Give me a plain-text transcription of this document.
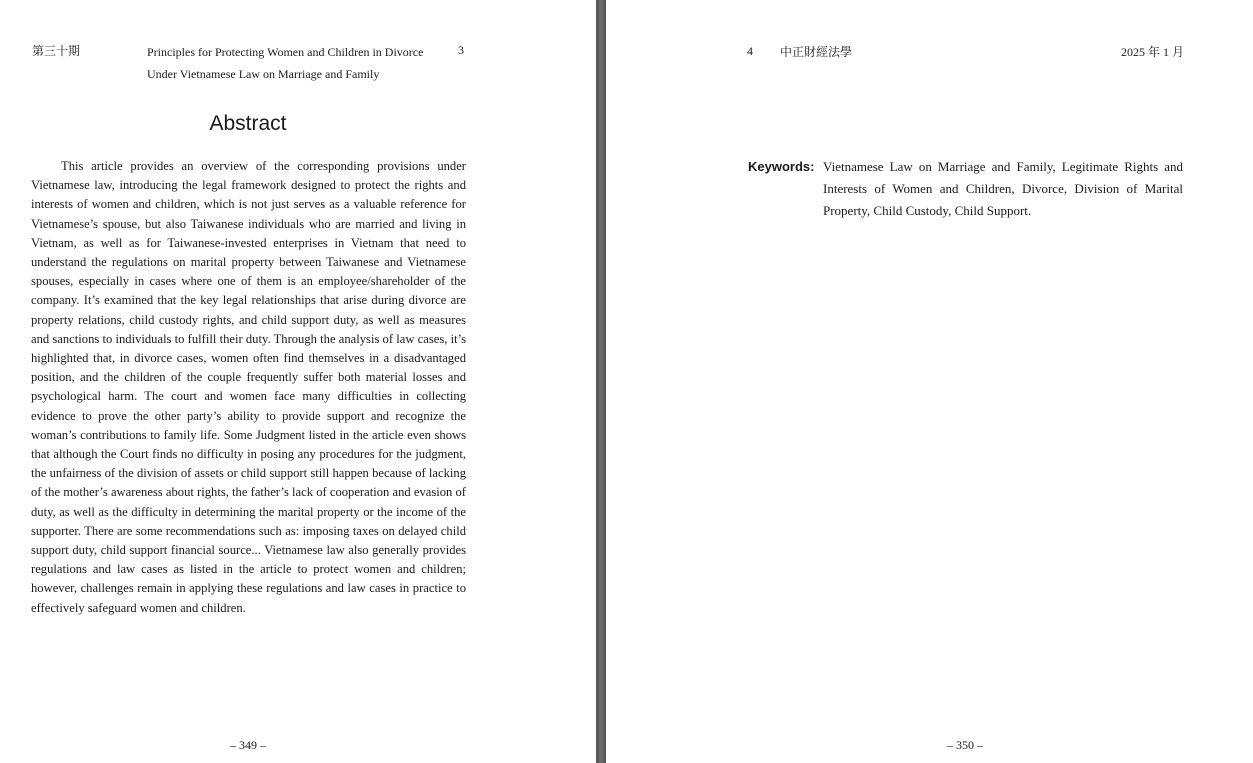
第三十期	Principles for Protecting Women and Children in Divorce Under Vietnamese Law on Marriage and Family
3
Abstract

This article provides an overview of the corresponding provisions under Vietnamese law, introducing the legal framework designed to protect the rights and interests of women and children, which is not just serves as a valuable reference for Vietnamese’s spouse, but also Taiwanese individuals who are married and living in Vietnam, as well as for Taiwanese-invested enterprises in Vietnam that need to understand the regulations on marital property between Taiwanese and Vietnamese spouses, especially in cases where one of them is an employee/shareholder of the company. It’s examined that the key legal relationships that arise during divorce are property relations, child custody rights, and child support duty, as well as measures and sanctions to individuals to fulfill their duty. Through the analysis of law cases, it’s highlighted that, in divorce cases, women often find themselves in a disadvantaged position, and the children of the couple frequently suffer both material losses and psychological harm. The court and women face many difficulties in collecting evidence to prove the other party’s ability to provide support and recognize the woman’s contributions to family life. Some Judgment listed in the article even shows that although the Court finds no difficulty in posing any procedures for the judgment, the unfairness of the division of assets or child support still happen because of lacking of the mother’s awareness about rights, the father’s lack of cooperation and evasion of duty, as well as the difficulty in determining the marital property or the income of the supporter. There are some recommendations such as: imposing taxes on delayed child support duty, child support financial source... Vietnamese law also generally provides regulations and law cases as listed in the article to protect women and children; however, challenges remain in applying these regulations and law cases in practice to effectively safeguard women and children.

– 349 –
4 中正財經法學	2025 年 1 月
Keywords: Vietnamese Law on Marriage and Family, Legitimate Rights and Interests of Women and Children, Divorce, Division of Marital Property, Child Custody, Child Support.

– 350 –
